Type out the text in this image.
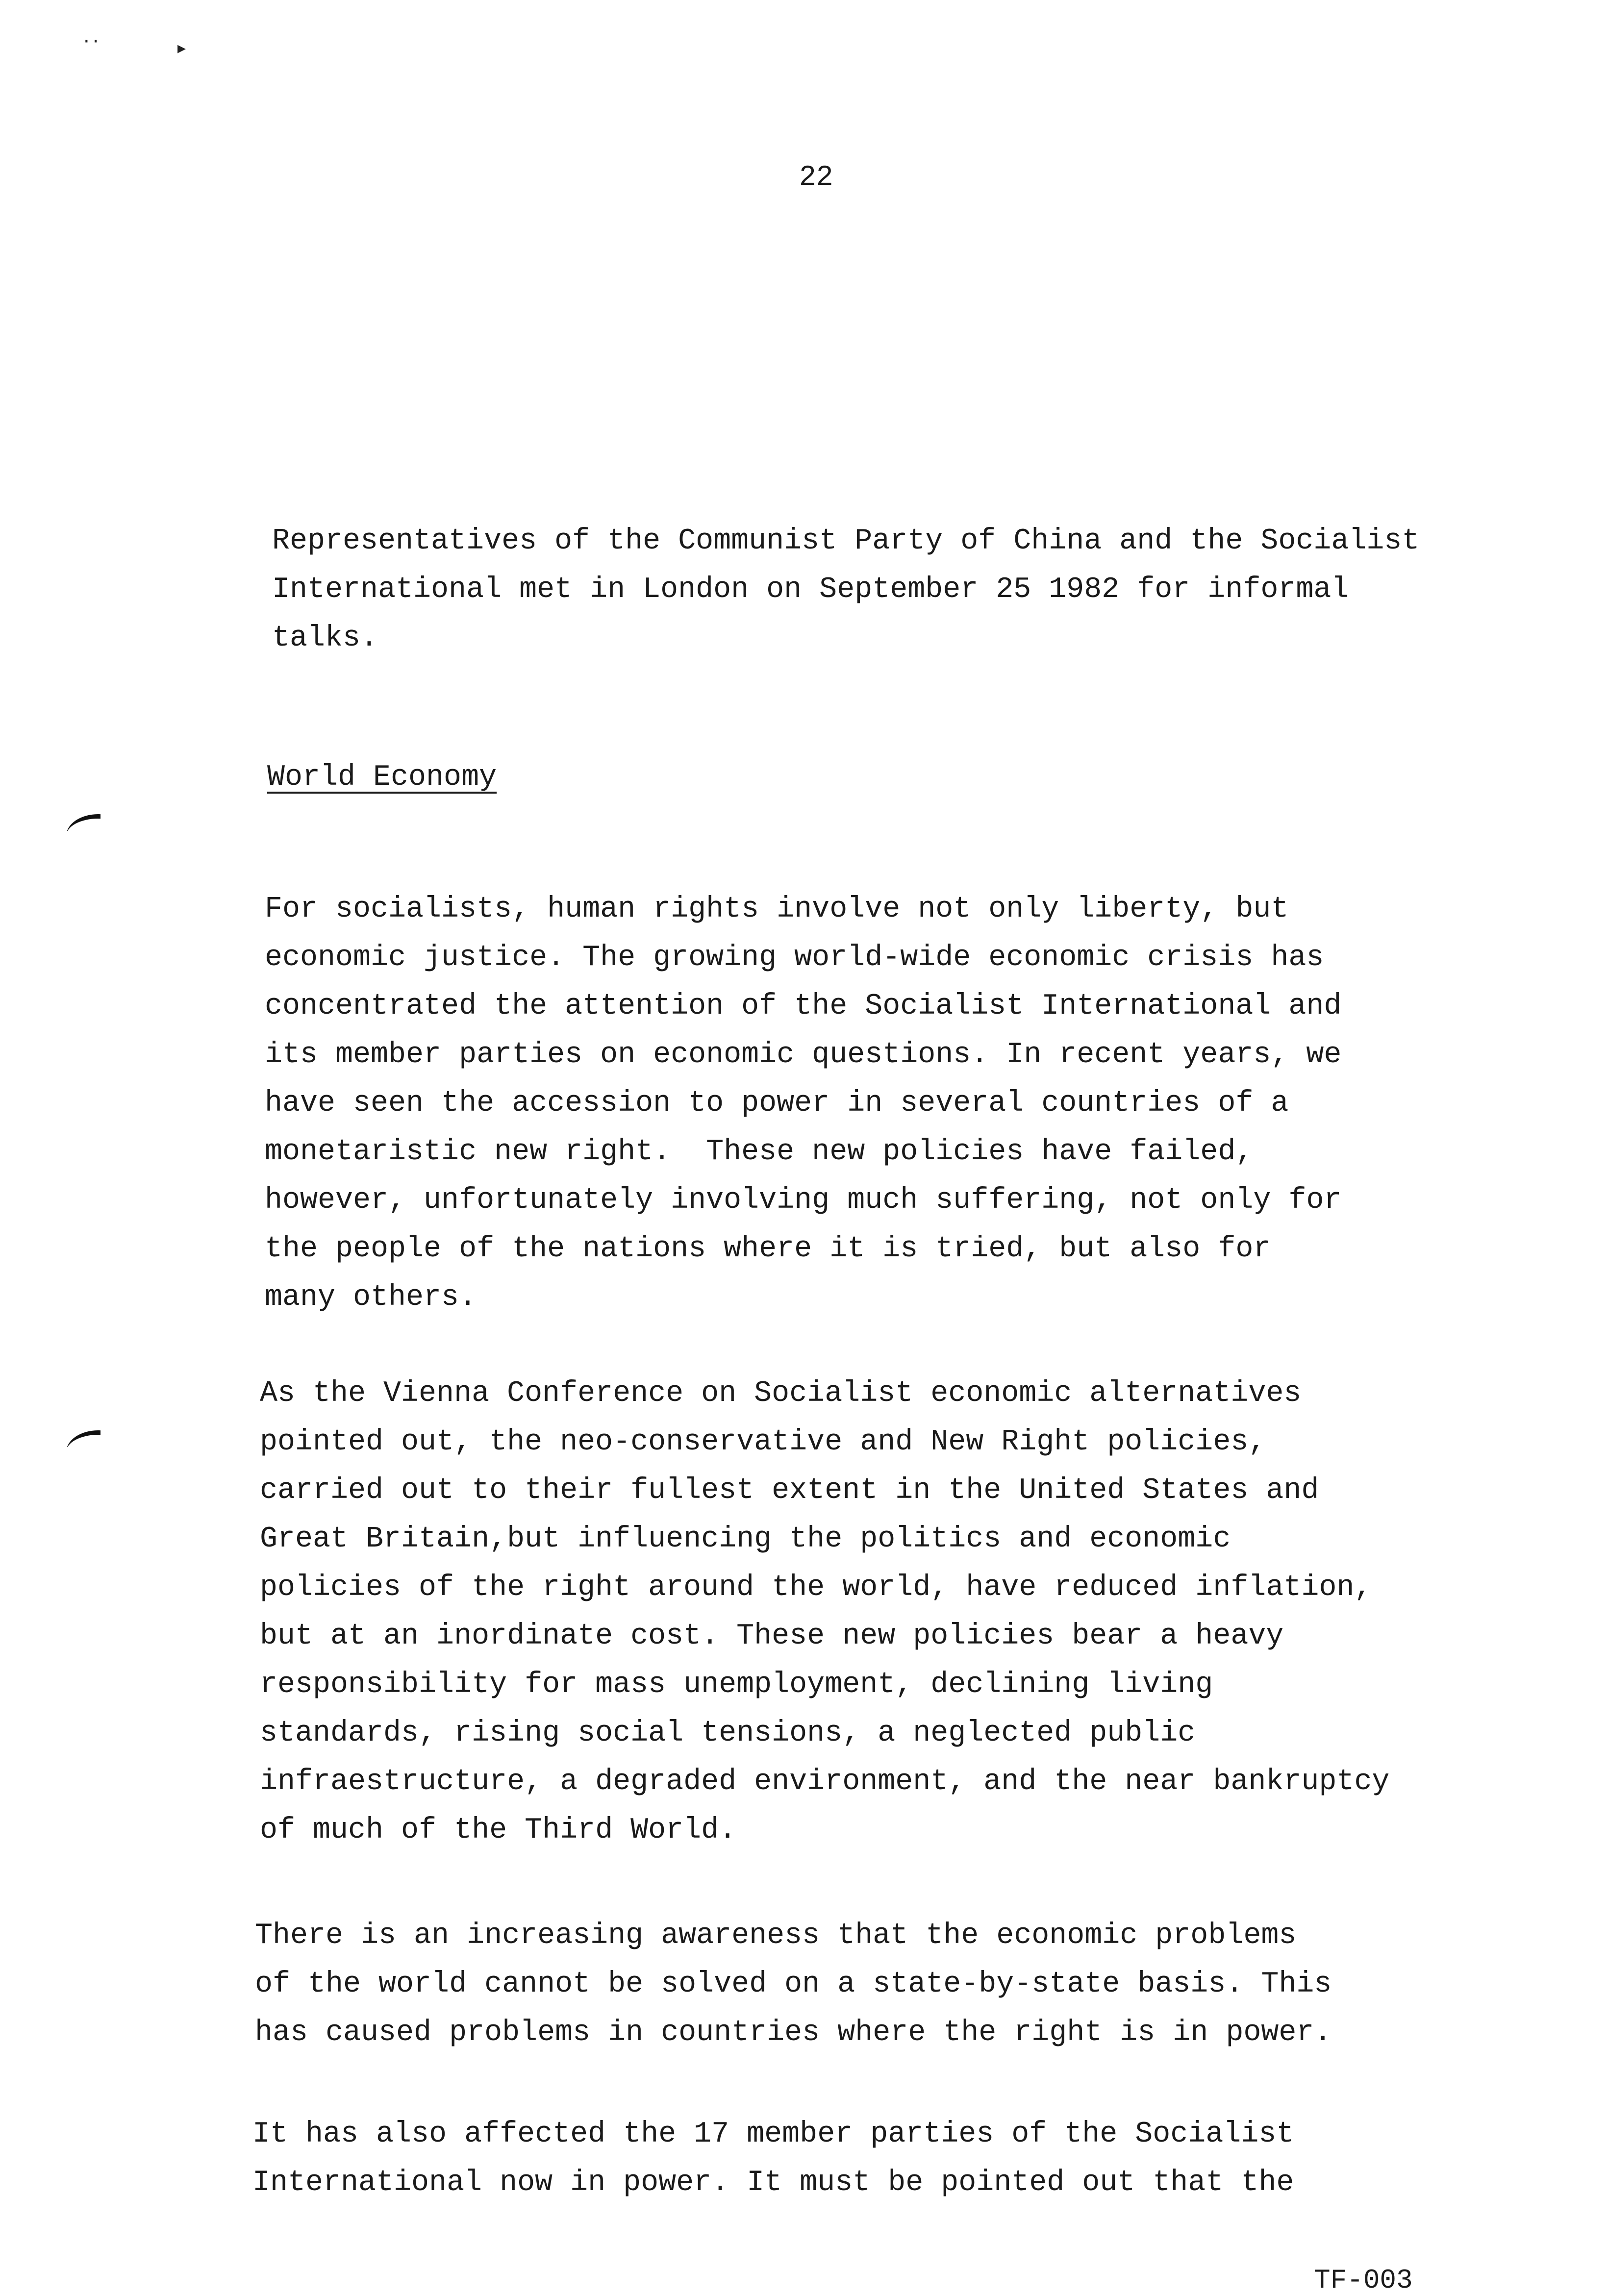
··	▸
22
Representatives of the Communist Party of China and the Socialist
International met in London on September 25 1982 for informal
talks.
World Economy
For socialists, human rights involve not only liberty, but
economic justice. The growing world-wide economic crisis has
concentrated the attention of the Socialist International and
its member parties on economic questions. In recent years, we
have seen the accession to power in several countries of a
monetaristic new right.  These new policies have failed,
however, unfortunately involving much suffering, not only for
the people of the nations where it is tried, but also for
many others.
As the Vienna Conference on Socialist economic alternatives
pointed out, the neo-conservative and New Right policies,
carried out to their fullest extent in the United States and
Great Britain,but influencing the politics and economic
policies of the right around the world, have reduced inflation,
but at an inordinate cost. These new policies bear a heavy
responsibility for mass unemployment, declining living
standards, rising social tensions, a neglected public
infraestructure, a degraded environment, and the near bankruptcy
of much of the Third World.
There is an increasing awareness that the economic problems
of the world cannot be solved on a state-by-state basis. This
has caused problems in countries where the right is in power.
It has also affected the 17 member parties of the Socialist
International now in power. It must be pointed out that the
TF-003
